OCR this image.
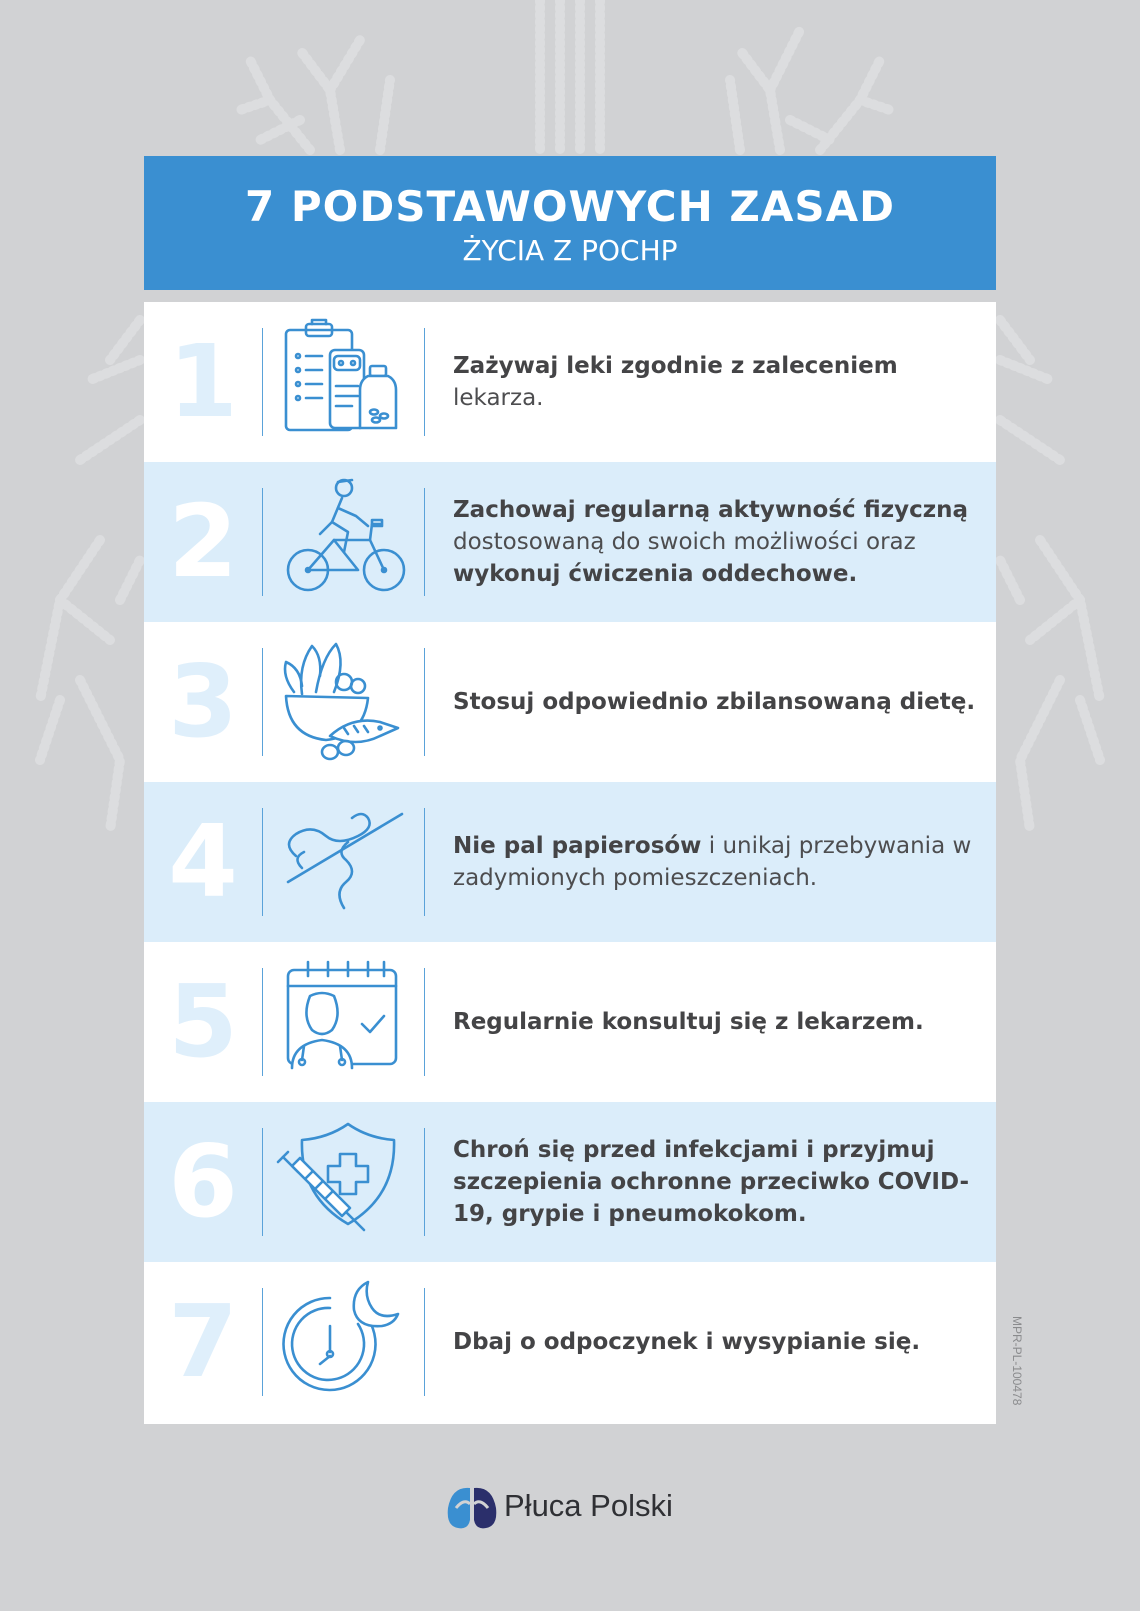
7 PODSTAWOWYCH ZASAD
ŻYCIA Z POCHP
1	Zażywaj leki zgodnie z zaleceniem lekarza.
2	Zachowaj regularną aktywność fizyczną dostosowaną do swoich możliwości oraz wykonuj ćwiczenia oddechowe.
3	Stosuj odpowiednio zbilansowaną dietę.
4	Nie pal papierosów i unikaj przebywania w zadymionych pomieszczeniach.
5	Regularnie konsultuj się z lekarzem.
6	Chroń się przed infekcjami i przyjmuj szczepienia ochronne przeciwko COVID-19, grypie i pneumokokom.
7	Dbaj o odpoczynek i wysypianie się.	MPR-PL-100478
Płuca Polski
